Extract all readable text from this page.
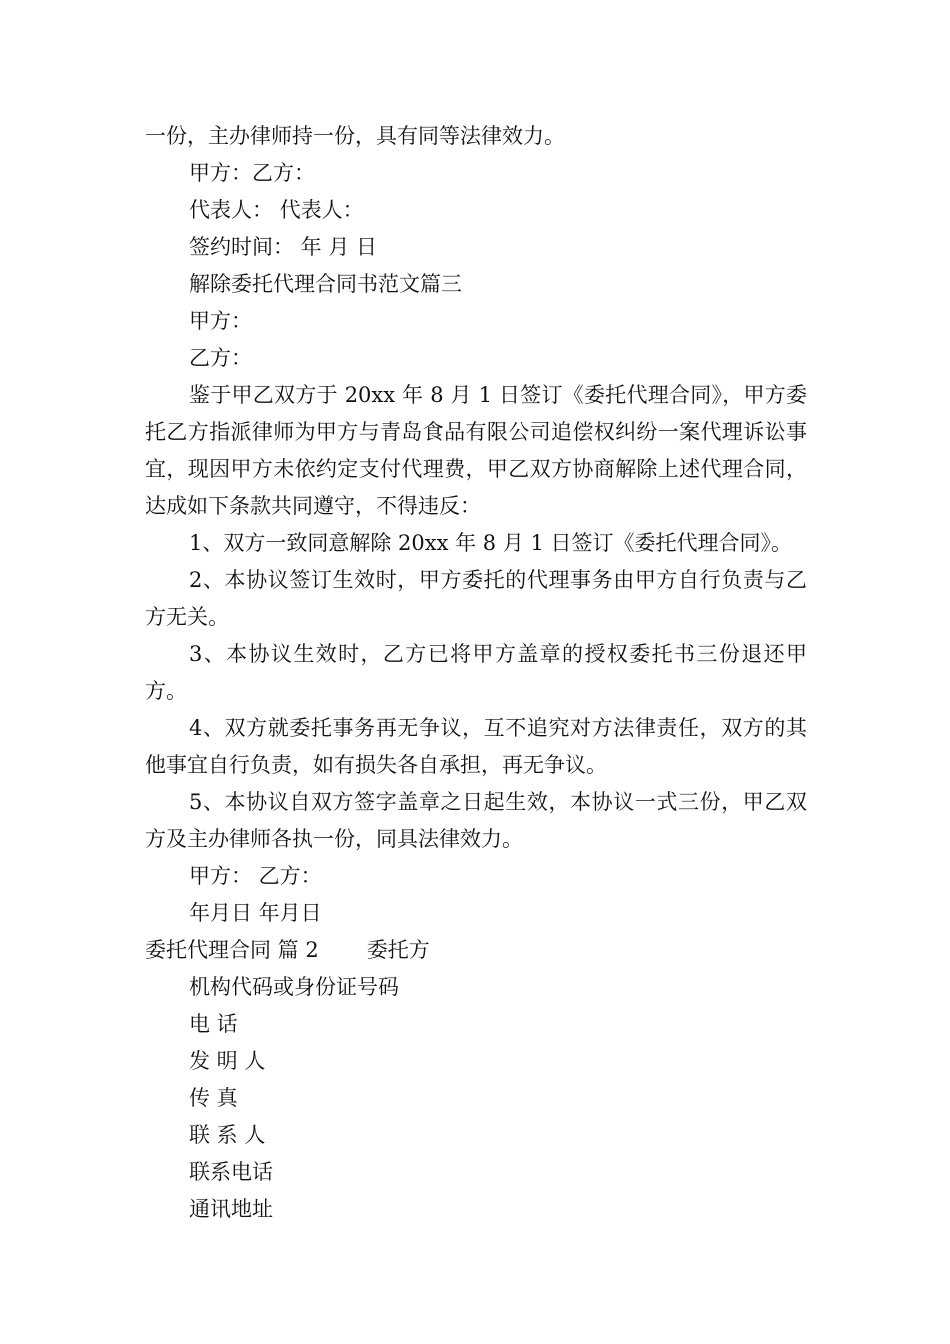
一份，主办律师持一份，具有同等法律效力。

甲方：乙方：

代表人： 代表人：

签约时间： 年 月 日

解除委托代理合同书范文篇三

甲方：

乙方：

鉴于甲乙双方于 20xx 年 8 月 1 日签订《委托代理合同》，甲方委托乙方指派律师为甲方与青岛食品有限公司追偿权纠纷一案代理诉讼事宜，现因甲方未依约定支付代理费，甲乙双方协商解除上述代理合同，达成如下条款共同遵守，不得违反：

1、双方一致同意解除 20xx 年 8 月 1 日签订《委托代理合同》。

2、本协议签订生效时，甲方委托的代理事务由甲方自行负责与乙方无关。

3、本协议生效时，乙方已将甲方盖章的授权委托书三份退还甲方。

4、双方就委托事务再无争议，互不追究对方法律责任，双方的其他事宜自行负责，如有损失各自承担，再无争议。

5、本协议自双方签字盖章之日起生效，本协议一式三份，甲乙双方及主办律师各执一份，同具法律效力。

甲方： 乙方：

年月日 年月日

委托代理合同 篇 2 委托方

机构代码或身份证号码

电 话

发 明 人

传 真

联 系 人

联系电话

通讯地址
